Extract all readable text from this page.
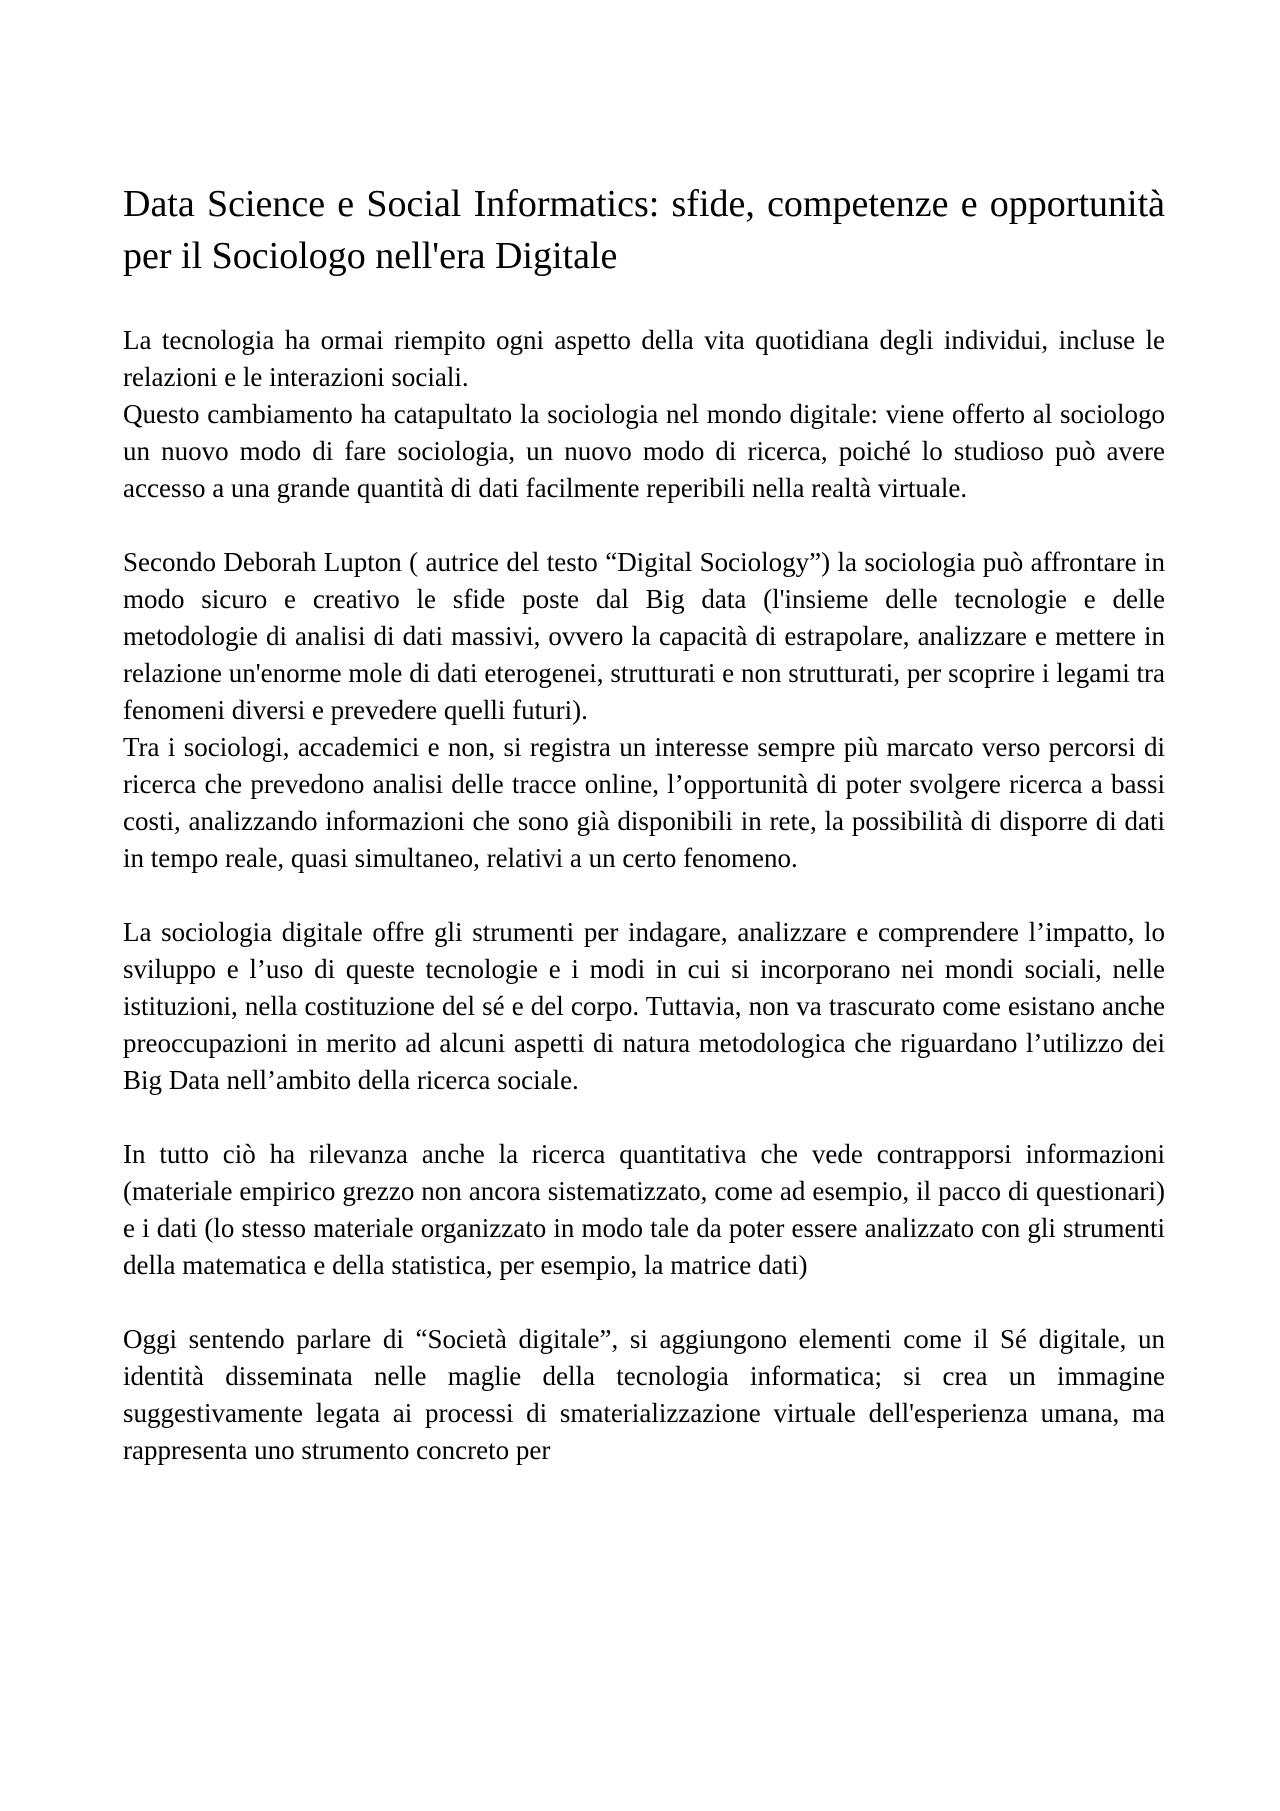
Data Science e Social Informatics: sfide, competenze e opportunità per il Sociologo nell'era Digitale

La tecnologia ha ormai riempito ogni aspetto della vita quotidiana degli individui, incluse le relazioni e le interazioni sociali.

Questo cambiamento ha catapultato la sociologia nel mondo digitale: viene offerto al sociologo un nuovo modo di fare sociologia, un nuovo modo di ricerca, poiché lo studioso può avere accesso a una grande quantità di dati facilmente reperibili nella realtà virtuale.

Secondo Deborah Lupton ( autrice del testo “Digital Sociology”) la sociologia può affrontare in modo sicuro e creativo le sfide poste dal Big data (l'insieme delle tecnologie e delle metodologie di analisi di dati massivi, ovvero la capacità di estrapolare, analizzare e mettere in relazione un'enorme mole di dati eterogenei, strutturati e non strutturati, per scoprire i legami tra fenomeni diversi e prevedere quelli futuri).

Tra i sociologi, accademici e non, si registra un interesse sempre più marcato verso percorsi di ricerca che prevedono analisi delle tracce online, l’opportunità di poter svolgere ricerca a bassi costi, analizzando informazioni che sono già disponibili in rete, la possibilità di disporre di dati in tempo reale, quasi simultaneo, relativi a un certo fenomeno.

La sociologia digitale offre gli strumenti per indagare, analizzare e comprendere l’impatto, lo sviluppo e l’uso di queste tecnologie e i modi in cui si incorporano nei mondi sociali, nelle istituzioni, nella costituzione del sé e del corpo. Tuttavia, non va trascurato come esistano anche preoccupazioni in merito ad alcuni aspetti di natura metodologica che riguardano l’utilizzo dei Big Data nell’ambito della ricerca sociale.

In tutto ciò ha rilevanza anche la ricerca quantitativa che vede contrapporsi informazioni (materiale empirico grezzo non ancora sistematizzato, come ad esempio, il pacco di questionari) e i dati (lo stesso materiale organizzato in modo tale da poter essere analizzato con gli strumenti della matematica e della statistica, per esempio, la matrice dati)

Oggi sentendo parlare di “Società digitale”, si aggiungono elementi come il Sé digitale, un identità disseminata nelle maglie della tecnologia informatica; si crea un immagine suggestivamente legata ai processi di smaterializzazione virtuale dell'esperienza umana, ma rappresenta uno strumento concreto per
